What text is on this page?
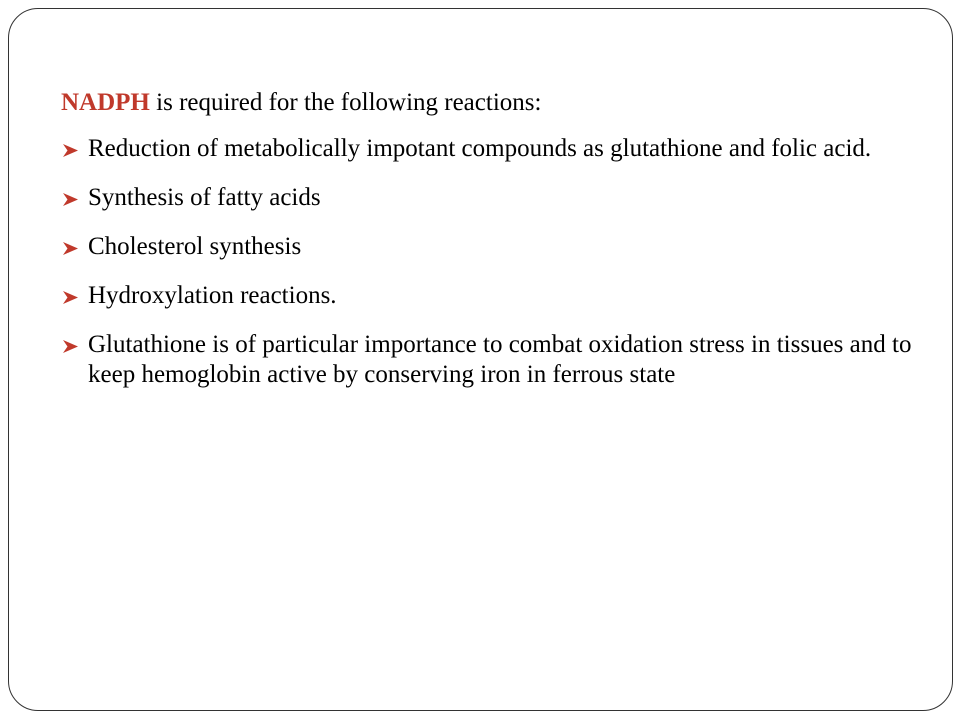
NADPH is required for the following reactions:

Reduction of metabolically impotant compounds as glutathione and folic acid.
Synthesis of fatty acids
Cholesterol synthesis
Hydroxylation reactions.
Glutathione is of particular importance to combat oxidation stress in tissues and to keep hemoglobin active by conserving iron in ferrous state
